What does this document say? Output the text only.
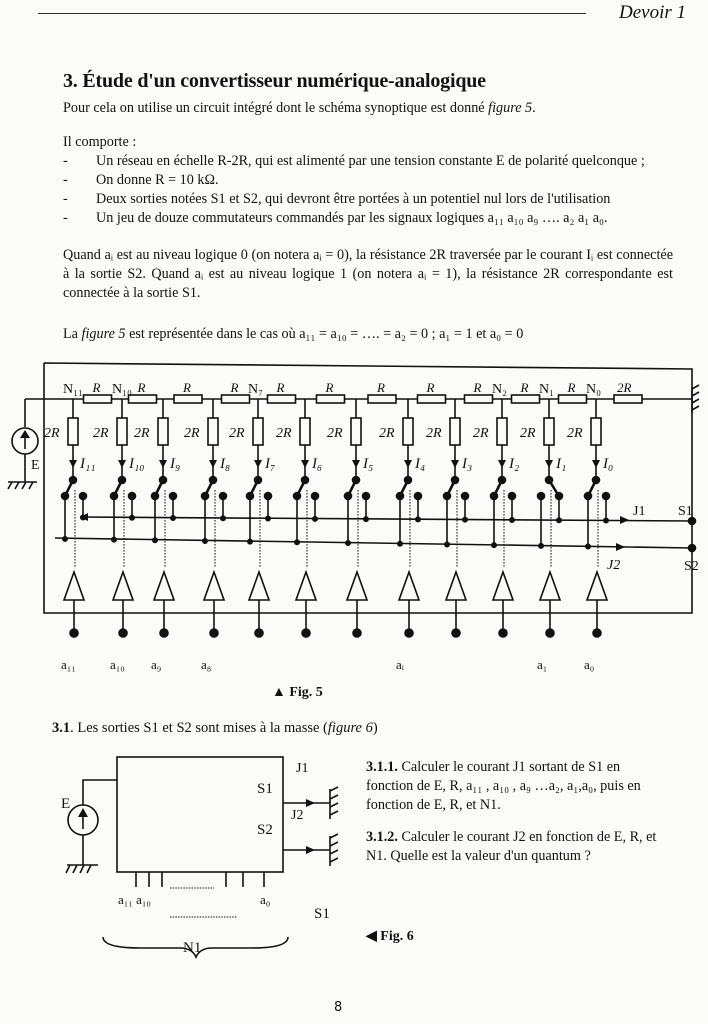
Devoir 1
3. Étude d'un convertisseur numérique-analogique
Pour cela on utilise un circuit intégré dont le schéma synoptique est donné figure 5.
Il comporte :
- Un réseau en échelle R-2R, qui est alimenté par une tension constante E de polarité quelconque ;
- On donne R = 10 kΩ.
- Deux sorties notées S1 et S2, qui devront être portées à un potentiel nul lors de l'utilisation
- Un jeu de douze commutateurs commandés par les signaux logiques a₁₁ a₁₀ a₉ …. a₂ a₁ a₀.
Quand aᵢ est au niveau logique 0 (on notera aᵢ = 0), la résistance 2R traversée par le courant Iᵢ est connectée à la sortie S2. Quand aᵢ est au niveau logique 1 (on notera aᵢ = 1), la résistance 2R correspondante est connectée à la sortie S1.
La figure 5 est représentée dans le cas où a₁₁ = a₁₀ = …. = a₂ = 0 ; a₁ = 1 et a₀ = 0
R	R	R	R	R	R	R	R	R	R	R	2R
N₁₁ N₁₀	N₇	N₂ N₁ N₀
E
J1 S1
J2	S2
2R
I₁₁
2R
I₁₀
2R
I₉
2R
I₈
2R
I₇
2R
I₆
2R
I₅
2R
I₄
2R
I₃
2R
I₂
2R
I₁
2R
I₀
a₁₁	a₁₀ a₉	a₈	aᵢ	a₁	a₀
▲ Fig. 5
3.1. Les sorties S1 et S2 sont mises à la masse (figure 6)
E
S1
S2
J1
J2
a₁₁ a₁₀	a₀
N1
S1
3.1.1. Calculer le courant J1 sortant de S1 en fonction de E, R, a₁₁ , a₁₀ , a₉ …a₂, a₁,a₀, puis en fonction de E, R, et N1.
3.1.2. Calculer le courant J2 en fonction de E, R, et N1. Quelle est la valeur d'un quantum ?
◀ Fig. 6
8
